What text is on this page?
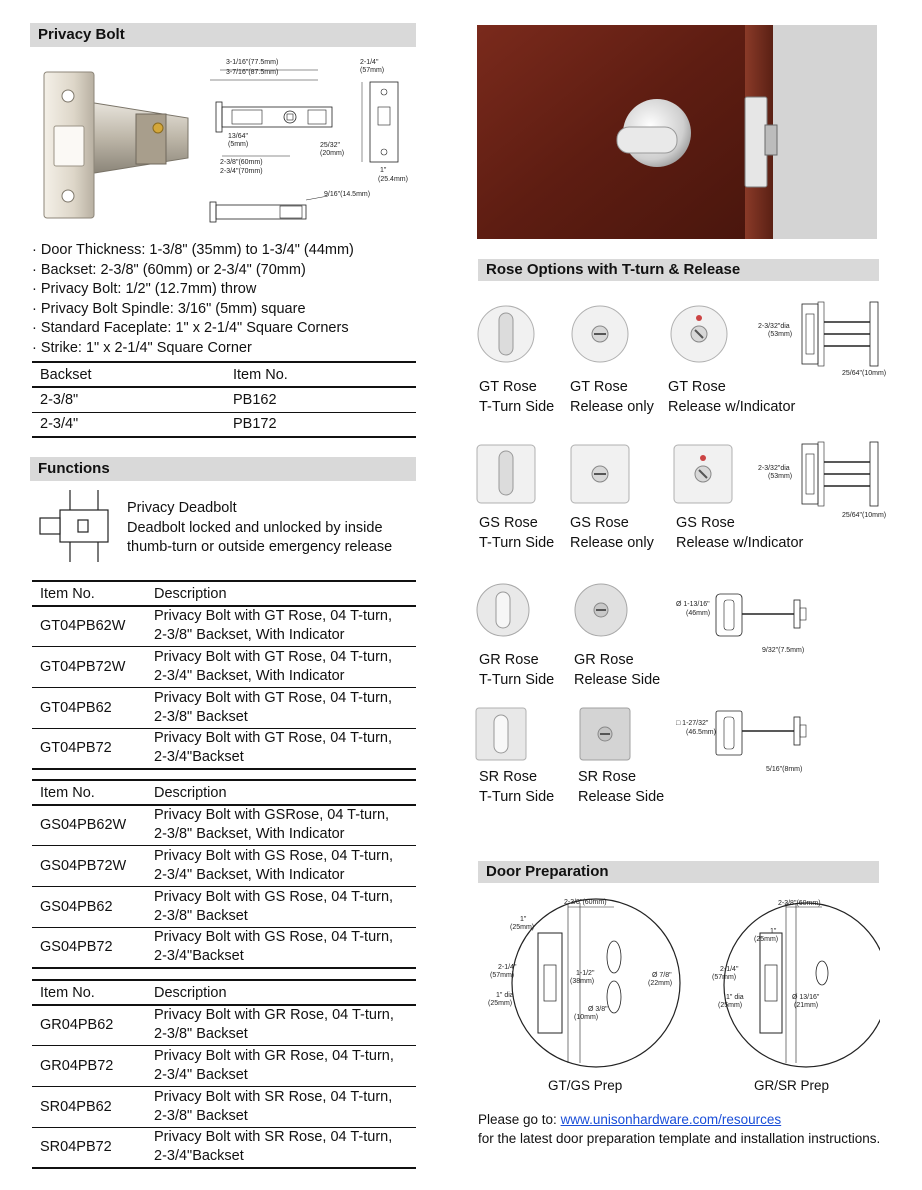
Privacy Bolt
3-1/16"(77.5mm)
3-7/16"(87.5mm)
13/64"
(5mm)
2-3/8"(60mm)
2-3/4"(70mm)
25/32"
(20mm)
2-1/4"
(57mm)
1"
(25.4mm)
9/16"(14.5mm)
· Door Thickness: 1-3/8" (35mm) to 1-3/4" (44mm)
· Backset: 2-3/8" (60mm) or 2-3/4" (70mm)
· Privacy Bolt: 1/2" (12.7mm) throw
· Privacy Bolt Spindle: 3/16" (5mm) square
· Standard Faceplate: 1" x 2-1/4" Square Corners
· Strike: 1" x 2-1/4" Square Corner
Backset	Item No.
2-3/8"	PB162
2-3/4"	PB172
Functions
Privacy Deadbolt
Deadbolt locked and unlocked by inside
thumb-turn or outside emergency release
Item No.	Description
GT04PB62W	Privacy Bolt with GT Rose, 04 T-turn,
2-3/8" Backset, With Indicator

GT04PB72W	Privacy Bolt with GT Rose, 04 T-turn,
2-3/4" Backset, With Indicator

GT04PB62	Privacy Bolt with GT Rose, 04 T-turn,
2-3/8" Backset

GT04PB72	Privacy Bolt with GT Rose, 04 T-turn,
2-3/4"Backset
Item No.	Description
GS04PB62W	Privacy Bolt with GSRose, 04 T-turn,
2-3/8" Backset, With Indicator

GS04PB72W	Privacy Bolt with GS Rose, 04 T-turn,
2-3/4" Backset, With Indicator

GS04PB62	Privacy Bolt with GS Rose, 04 T-turn,
2-3/8" Backset

GS04PB72	Privacy Bolt with GS Rose, 04 T-turn,
2-3/4"Backset
Item No.	Description
GR04PB62	Privacy Bolt with GR Rose, 04 T-turn,
2-3/8" Backset

GR04PB72	Privacy Bolt with GR Rose, 04 T-turn,
2-3/4" Backset

SR04PB62	Privacy Bolt with SR Rose, 04 T-turn,
2-3/8" Backset

SR04PB72	Privacy Bolt with SR Rose, 04 T-turn,
2-3/4"Backset
Rose Options with T-turn & Release
GT Rose
T-Turn Side
GT Rose
Release only
GT Rose
Release w/Indicator
2-3/32"dia
(53mm)
25/64"(10mm)
GS Rose
T-Turn Side
GS Rose
Release only
GS Rose
Release w/Indicator
2-3/32"dia
(53mm)
25/64"(10mm)
GR Rose
T-Turn Side
GR Rose
Release Side
Ø 1-13/16"
(46mm)
9/32"(7.5mm)
SR Rose
T-Turn Side
SR Rose
Release Side
□ 1-27/32"
(46.5mm)
5/16"(8mm)
Door Preparation
2-3/8"(60mm)
1"
(25mm)
2-1/4"
(57mm)
1" dia
(25mm)
1-1/2"
(38mm)
Ø 7/8"
(22mm)
Ø 3/8"
(10mm)
2-3/8"(60mm)
1"
(25mm)
2-1/4"
(57mm)
1" dia
(25mm)
Ø 13/16"
(21mm)
GT/GS Prep	GR/SR Prep
Please go to: www.unisonhardware.com/resources
for the latest door preparation template and installation instructions.
